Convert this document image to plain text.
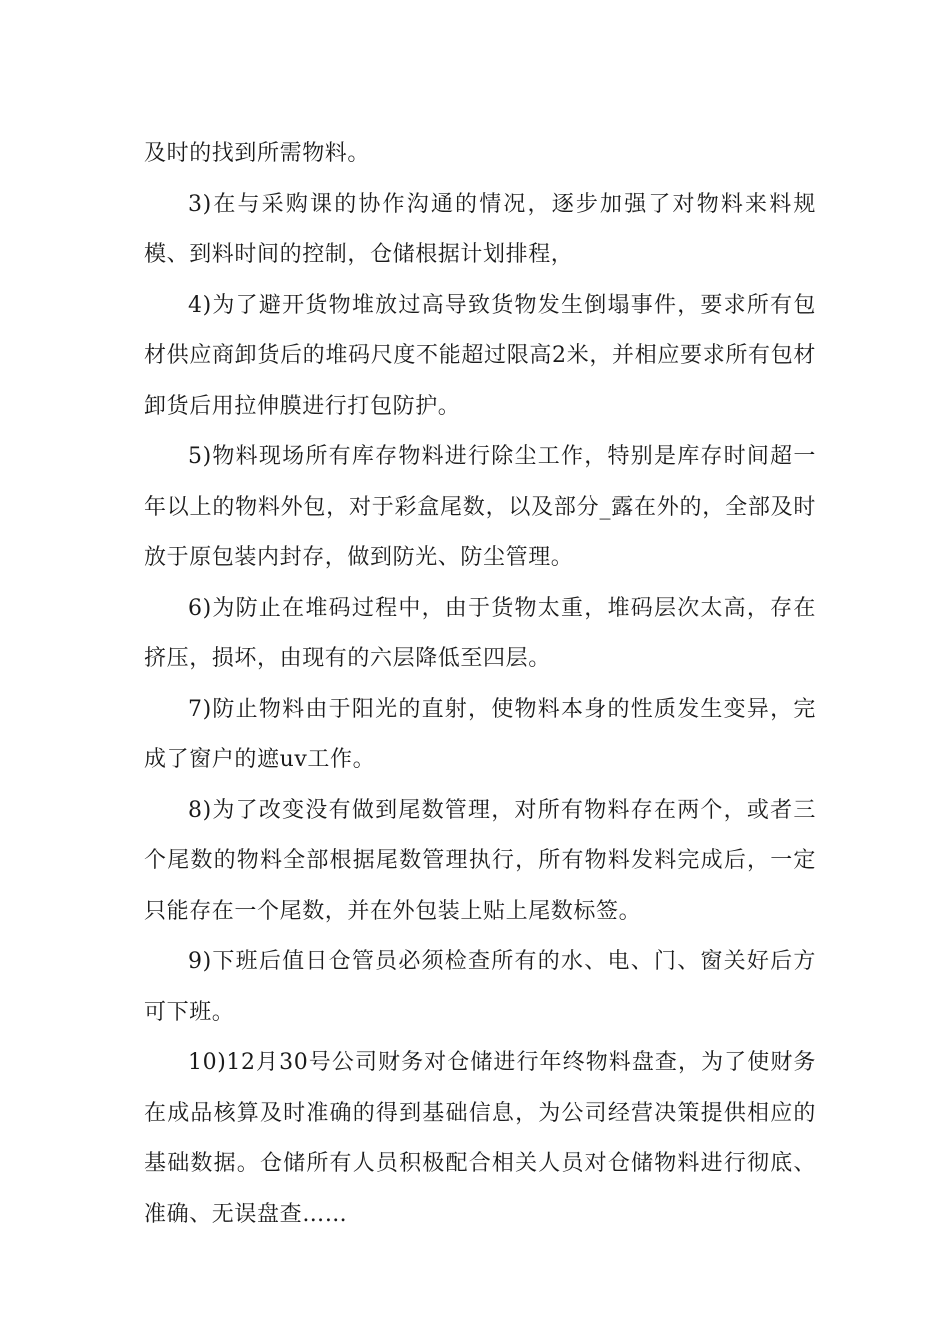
及时的找到所需物料。

3)在与采购课的协作沟通的情况，逐步加强了对物料来料规模、到料时间的控制，仓储根据计划排程，

4)为了避开货物堆放过高导致货物发生倒塌事件，要求所有包材供应商卸货后的堆码尺度不能超过限高2米，并相应要求所有包材卸货后用拉伸膜进行打包防护。

5)物料现场所有库存物料进行除尘工作，特别是库存时间超一年以上的物料外包，对于彩盒尾数，以及部分_露在外的，全部及时放于原包装内封存，做到防光、防尘管理。

6)为防止在堆码过程中，由于货物太重，堆码层次太高，存在挤压，损坏，由现有的六层降低至四层。

7)防止物料由于阳光的直射，使物料本身的性质发生变异，完成了窗户的遮uv工作。

8)为了改变没有做到尾数管理，对所有物料存在两个，或者三个尾数的物料全部根据尾数管理执行，所有物料发料完成后，一定只能存在一个尾数，并在外包装上贴上尾数标签。

9)下班后值日仓管员必须检查所有的水、电、门、窗关好后方可下班。

10)12月30号公司财务对仓储进行年终物料盘查，为了使财务在成品核算及时准确的得到基础信息，为公司经营决策提供相应的基础数据。仓储所有人员积极配合相关人员对仓储物料进行彻底、准确、无误盘查……
